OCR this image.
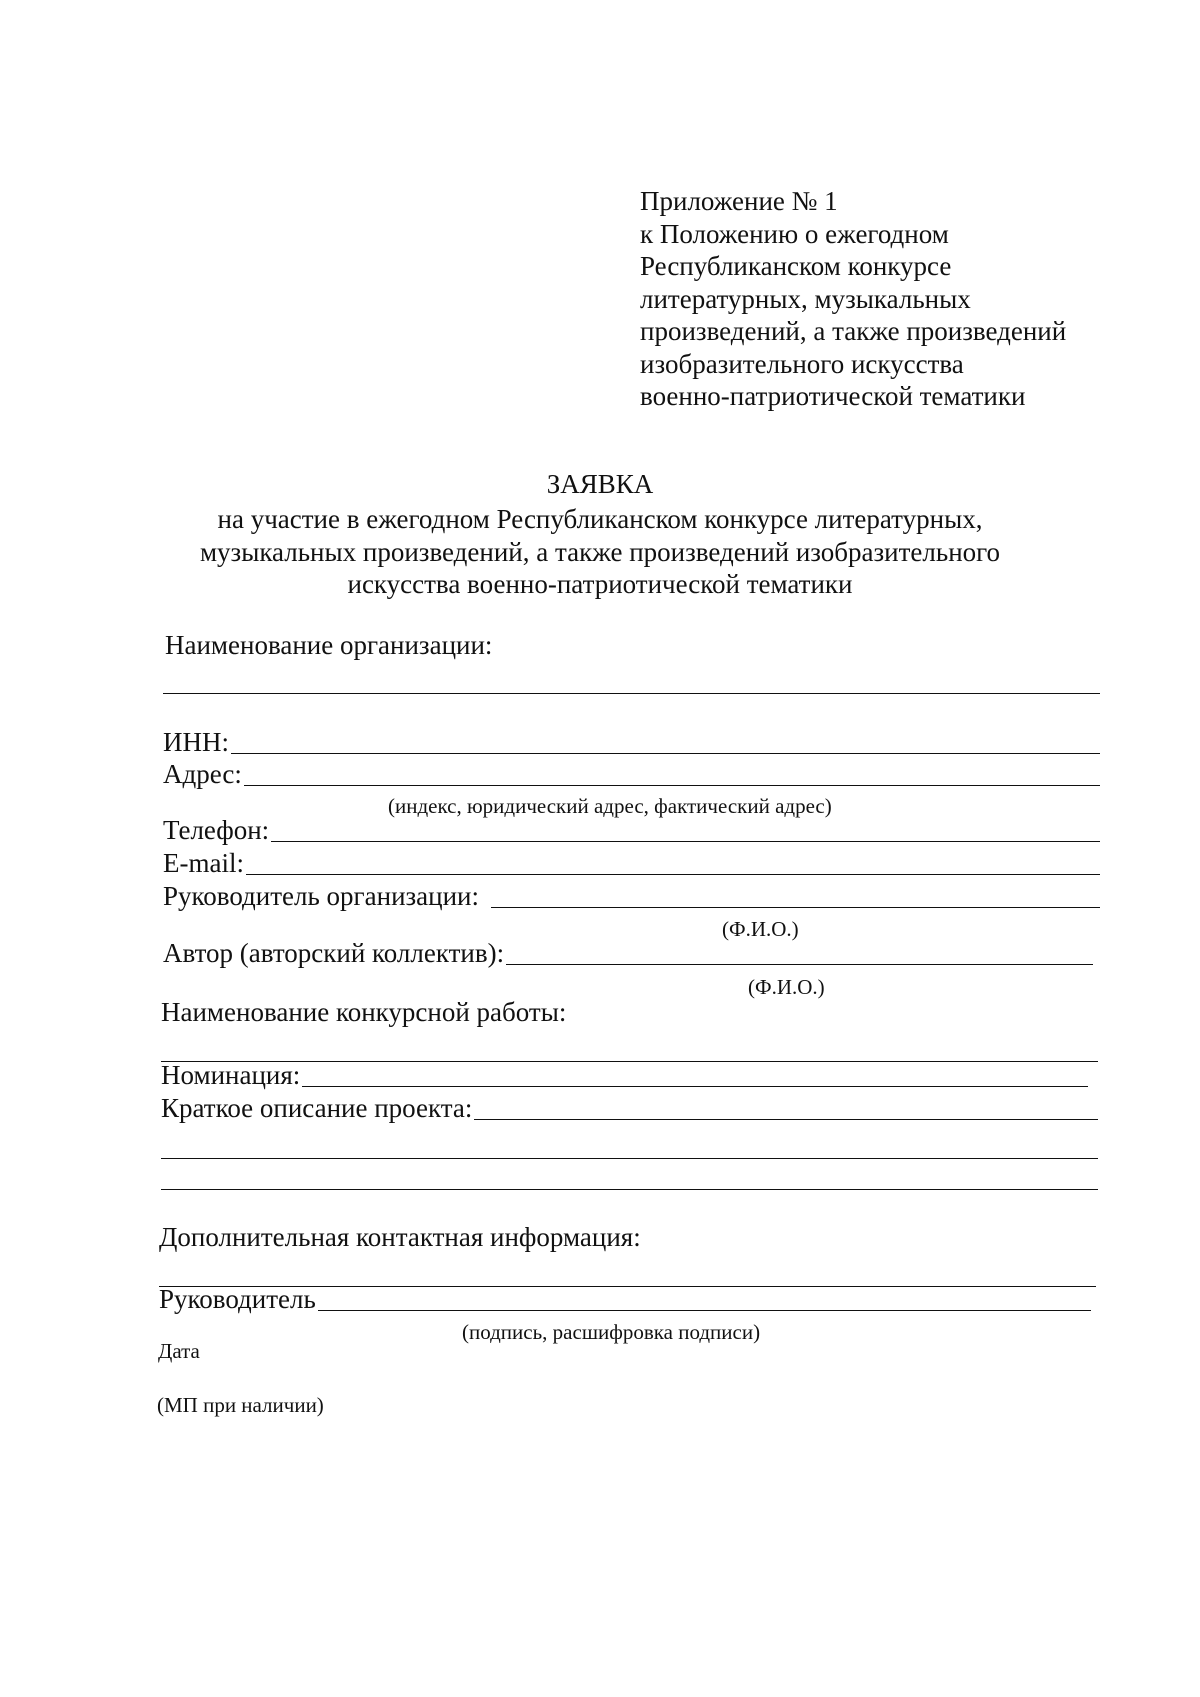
Приложение № 1
к Положению о ежегодном
Республиканском конкурсе
литературных, музыкальных
произведений, а также произведений
изобразительного искусства
военно-патриотической тематики
ЗАЯВКА
на участие в ежегодном Республиканском конкурсе литературных,
музыкальных произведений, а также произведений изобразительного
искусства военно-патриотической тематики
Наименование организации:
ИНН:
Адрес:
(индекс, юридический адрес, фактический адрес)
Телефон:
E-mail:
Руководитель организации:
(Ф.И.О.)
Автор (авторский коллектив):
(Ф.И.О.)
Наименование конкурсной работы:
Номинация:
Краткое описание проекта:
Дополнительная контактная информация:
Руководитель
(подпись, расшифровка подписи)
Дата
(МП при наличии)
